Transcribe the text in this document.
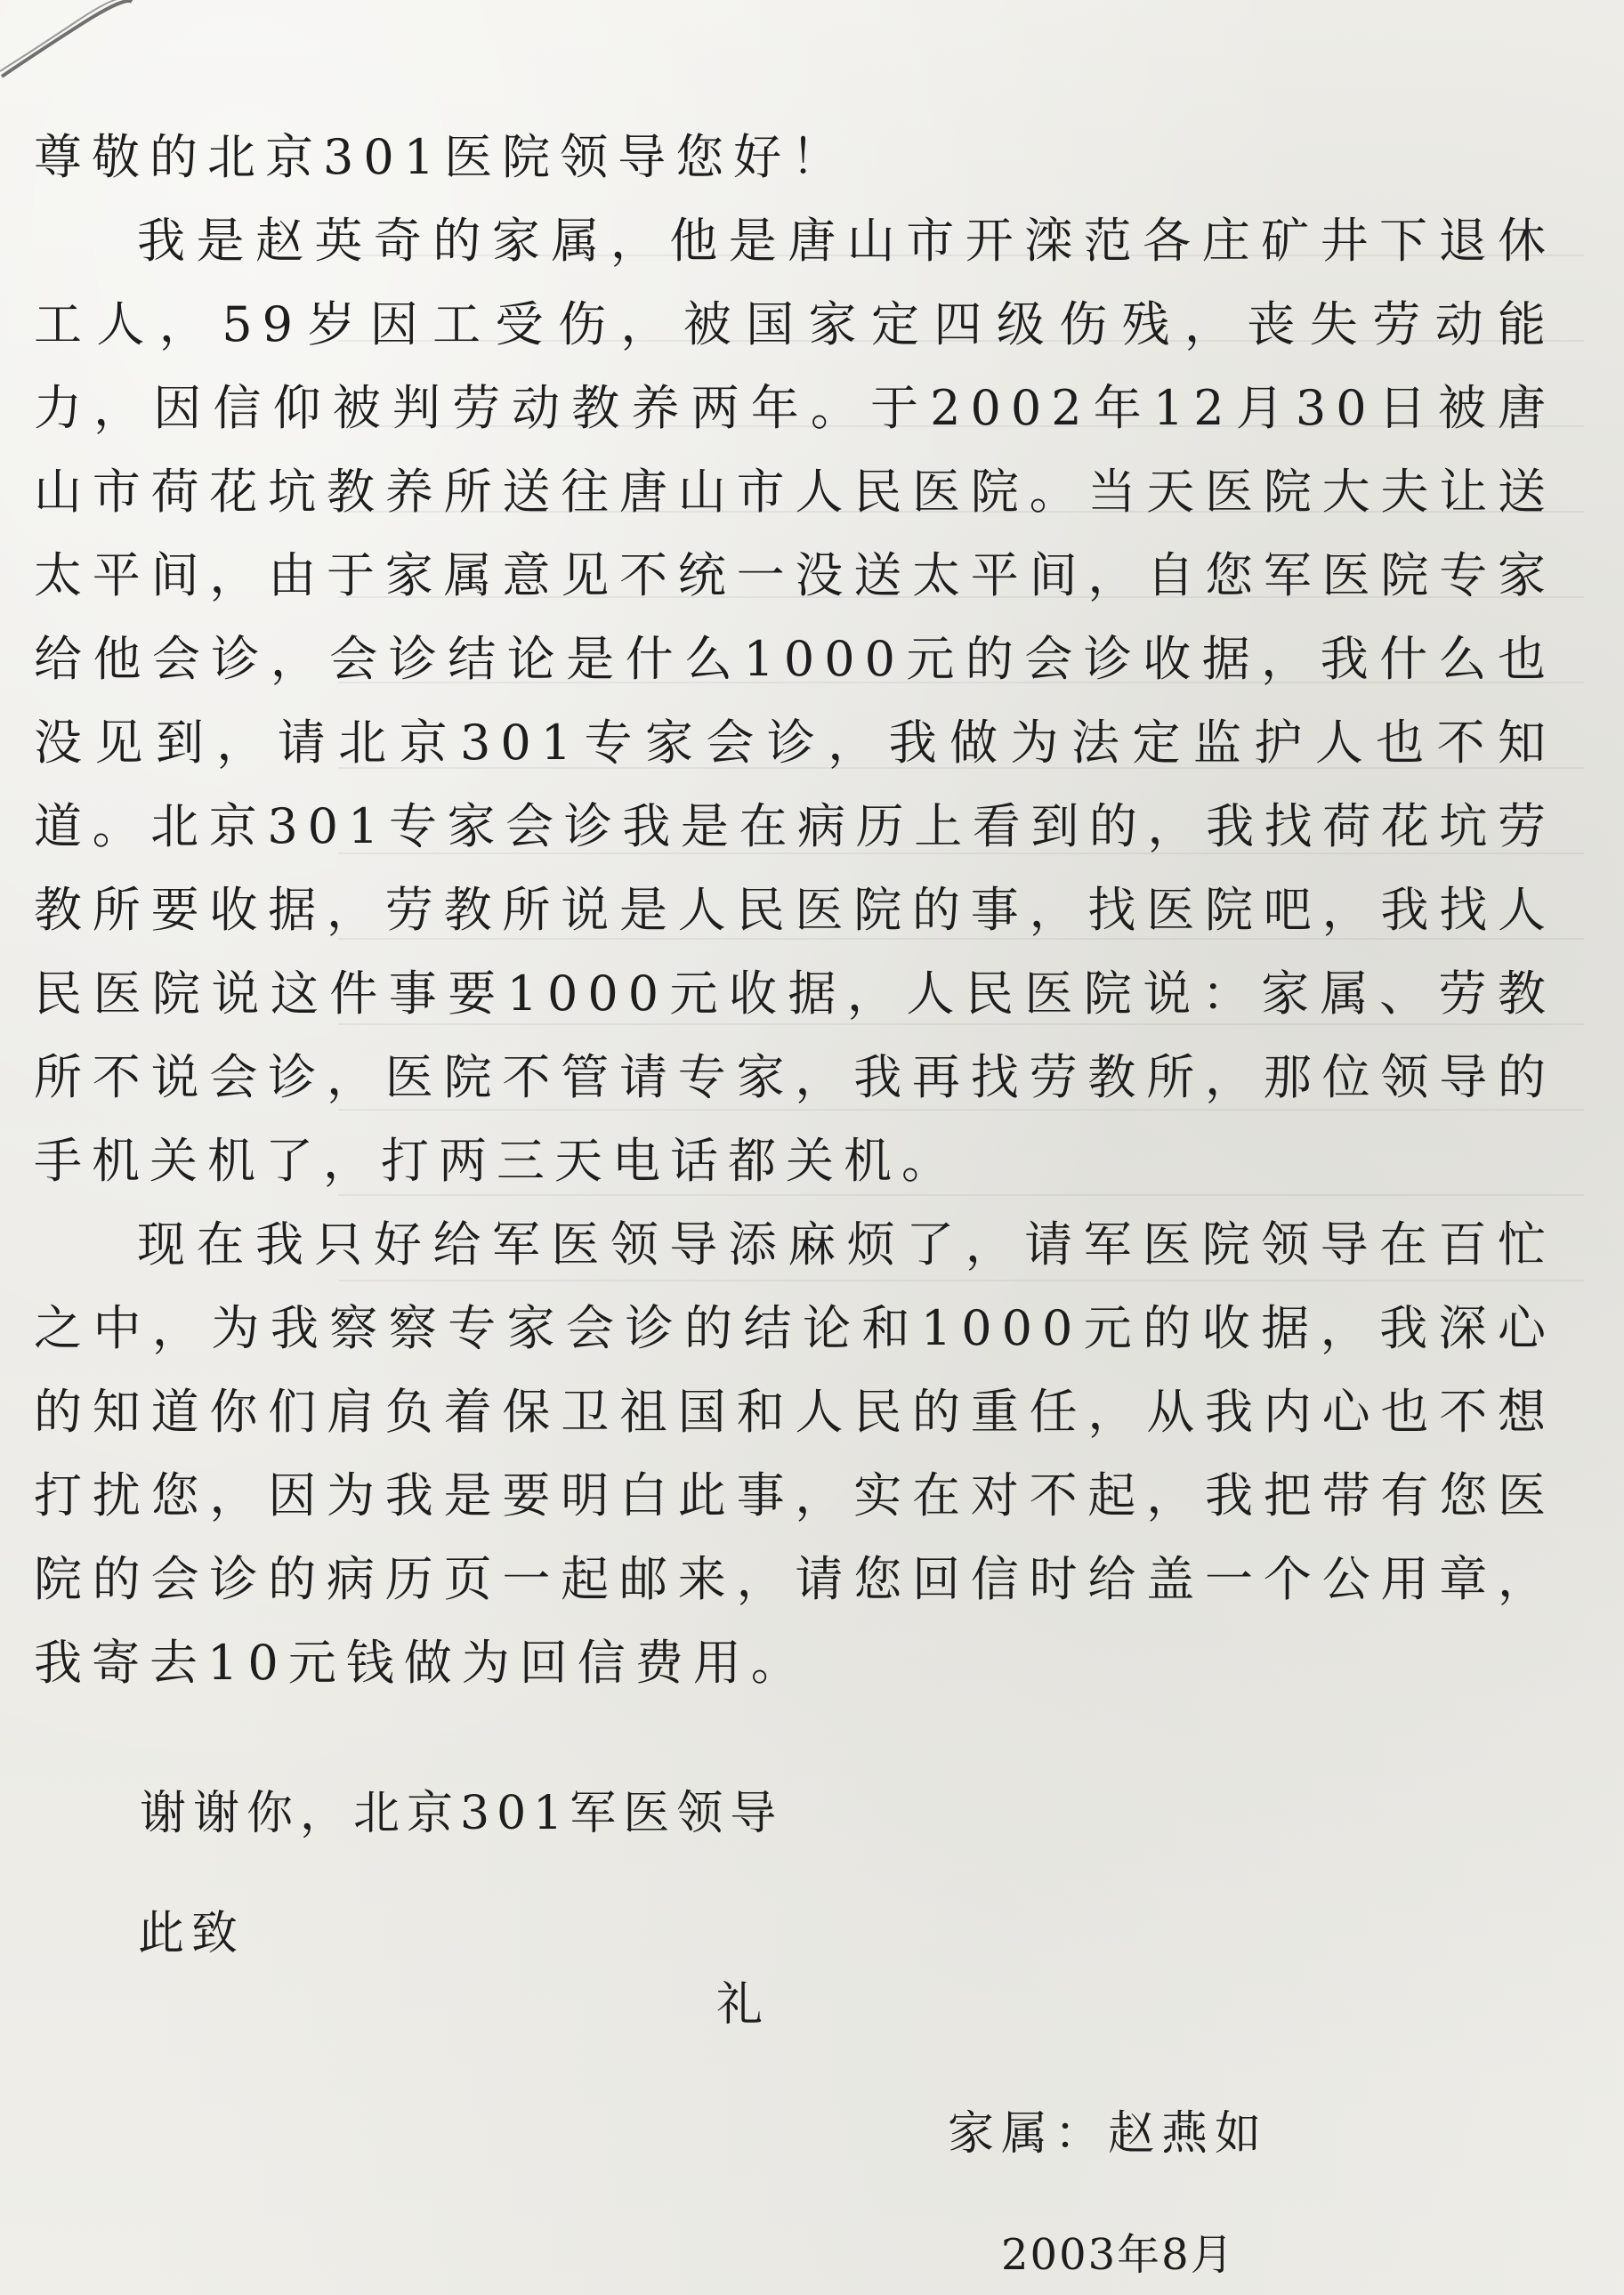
尊敬的北京301医院领导您好！

我是赵英奇的家属，他是唐山市开滦范各庄矿井下退休工人，59岁因工受伤，被国家定四级伤残，丧失劳动能力，因信仰被判劳动教养两年。于2002年12月30日被唐山市荷花坑教养所送往唐山市人民医院。当天医院大夫让送太平间，由于家属意见不统一没送太平间，自您军医院专家给他会诊，会诊结论是什么1000元的会诊收据，我什么也没见到，请北京301专家会诊，我做为法定监护人也不知道。北京301专家会诊我是在病历上看到的，我找荷花坑劳教所要收据，劳教所说是人民医院的事，找医院吧，我找人民医院说这件事要1000元收据，人民医院说：家属、劳教所不说会诊，医院不管请专家，我再找劳教所，那位领导的手机关机了，打两三天电话都关机。

现在我只好给军医领导添麻烦了，请军医院领导在百忙之中，为我察察专家会诊的结论和1000元的收据，我深心的知道你们肩负着保卫祖国和人民的重任，从我内心也不想打扰您，因为我是要明白此事，实在对不起，我把带有您医院的会诊的病历页一起邮来，请您回信时给盖一个公用章，我寄去10元钱做为回信费用。

谢谢你，北京301军医领导
此致
礼
家属：赵燕如
2003年8月
